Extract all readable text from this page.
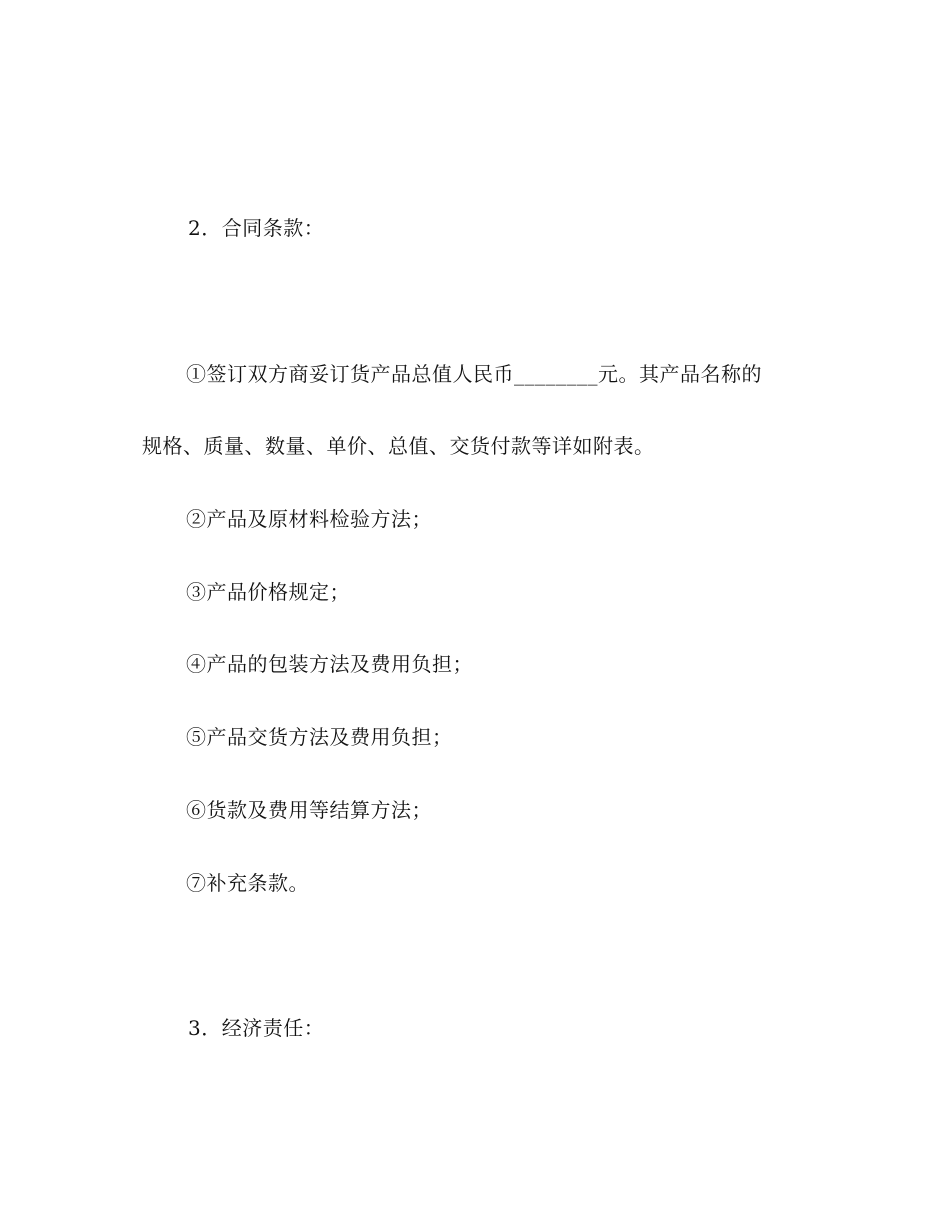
2．合同条款：
①签订双方商妥订货产品总值人民币________元。其产品名称的
规格、质量、数量、单价、总值、交货付款等详如附表。
②产品及原材料检验方法；
③产品价格规定；
④产品的包装方法及费用负担；
⑤产品交货方法及费用负担；
⑥货款及费用等结算方法；
⑦补充条款。
3．经济责任：
